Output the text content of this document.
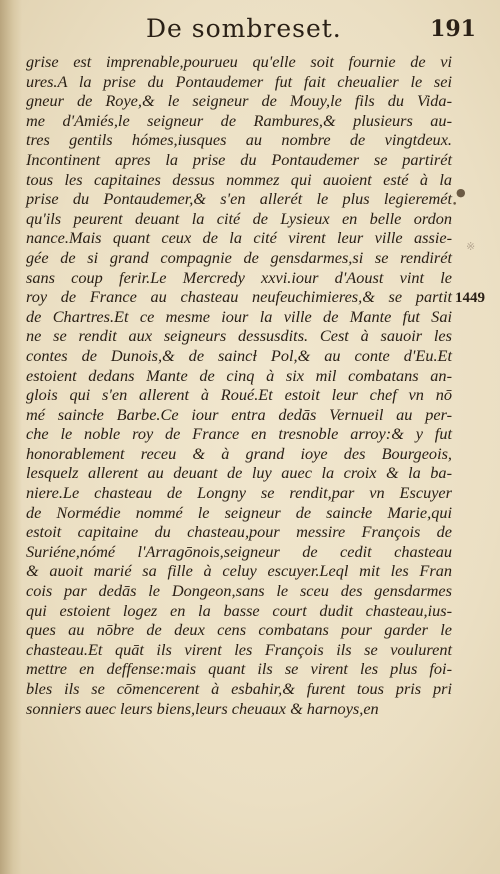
De sombreset.	191
grise est imprenable,pourueu qu'elle soit fournie de vi
ures.A la prise du Pontaudemer fut fait cheualier le sei
gneur de Roye,& le seigneur de Mouy,le fils du Vida-
me d'Amiés,le seigneur de Rambures,& plusieurs au-
tres gentils hómes,iusques au nombre de vingtdeux.
Incontinent apres la prise du Pontaudemer se partirét
tous les capitaines dessus nommez qui auoient esté à la
prise du Pontaudemer,& s'en allerét le plus legieremét
qu'ils peurent deuant la cité de Lysieux en belle ordon
nance.Mais quant ceux de la cité virent leur ville assie-
gée de si grand compagnie de gensdarmes,si se rendirét
sans coup ferir.Le Mercredy xxvi.iour d'Aoust vint le
roy de France au chasteau neufeuchimieres,& se partit
de Chartres.Et ce mesme iour la ville de Mante fut Sai
ne se rendit aux seigneurs dessusdits. Cest à sauoir les
contes de Dunois,& de saincɫ Pol,& au conte d'Eu.Et
estoient dedans Mante de cinq à six mil combatans an-
glois qui s'en allerent à Roué.Et estoit leur chef vn nō
mé saincɫe Barbe.Ce iour entra dedās Vernueil au per-
che le noble roy de France en tresnoble arroy:& y fut
honorablement receu & à grand ioye des Bourgeois,
lesquelz allerent au deuant de luy auec la croix & la ba-
niere.Le chasteau de Longny se rendit,par vn Escuyer
de Normédie nommé le seigneur de saincɫe Marie,qui
estoit capitaine du chasteau,pour messire François de
Suriéne,nómé l'Arragōnois,seigneur de cedit chasteau
& auoit marié sa fille à celuy escuyer.Leql mit les Fran
cois par dedās le Dongeon,sans le sceu des gensdarmes
qui estoient logez en la basse court dudit chasteau,ius-
ques au nōbre de deux cens combatans pour garder le
chasteau.Et quāt ils virent les François ils se voulurent
mettre en deffense:mais quant ils se virent les plus foi-
bles ils se cōmencerent à esbahir,& furent tous pris pri
sonniers auec leurs biens,leurs cheuaux & harnoys,en
1449
●
•
※
